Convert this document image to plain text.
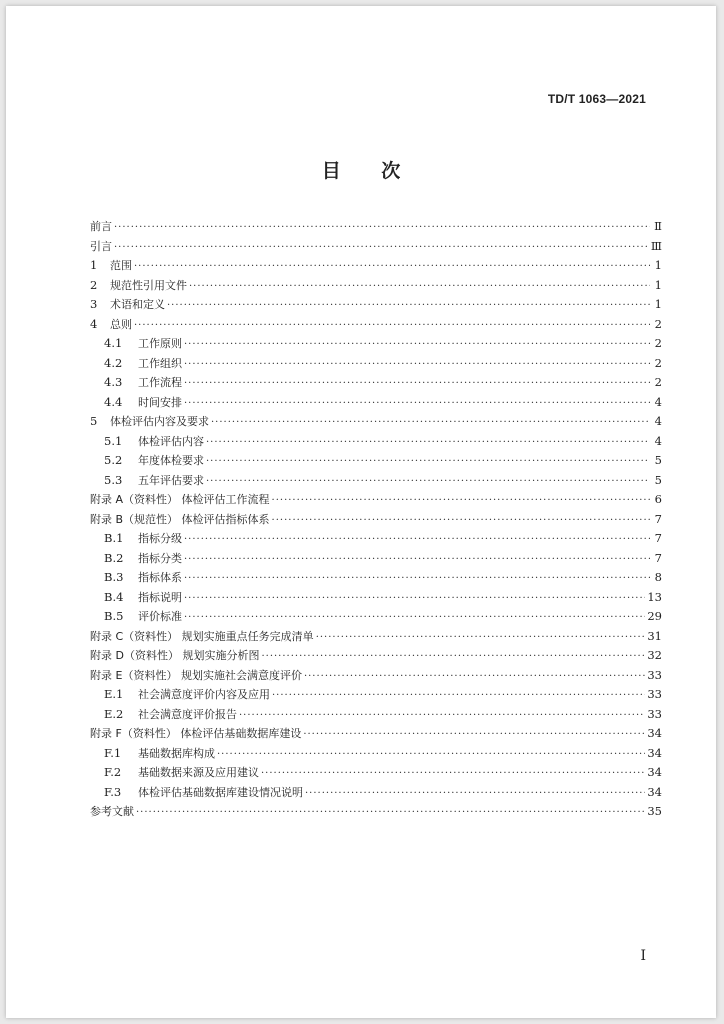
TD/T 1063—2021
目 次
前言 ·····	Ⅱ
引言 ·····	Ⅲ
1	范围 ·····	1
2	规范性引用文件 ·····	1
3	术语和定义 ·····	1
4	总则 ·····	2
4.1	工作原则 ·····	2
4.2	工作组织 ·····	2
4.3	工作流程 ·····	2
4.4	时间安排 ·····	4
5	体检评估内容及要求 ·····	4
5.1	体检评估内容 ·····	4
5.2	年度体检要求 ·····	5
5.3	五年评估要求 ·····	5
附录 A（资料性） 体检评估工作流程 ·····	6
附录 B（规范性） 体检评估指标体系 ·····	7
B.1	指标分级 ·····	7
B.2	指标分类 ·····	7
B.3	指标体系 ·····	8
B.4	指标说明 ·····	13
B.5	评价标准 ·····	29
附录 C（资料性） 规划实施重点任务完成清单 ·····	31
附录 D（资料性） 规划实施分析图 ·····	32
附录 E（资料性） 规划实施社会满意度评价 ·····	33
E.1	社会满意度评价内容及应用 ·····	33
E.2	社会满意度评价报告 ·····	33
附录 F（资料性） 体检评估基础数据库建设 ·····	34
F.1	基础数据库构成 ·····	34
F.2	基础数据来源及应用建议 ·····	34
F.3	体检评估基础数据库建设情况说明 ·····	34
参考文献 ·····	35
Ⅰ
